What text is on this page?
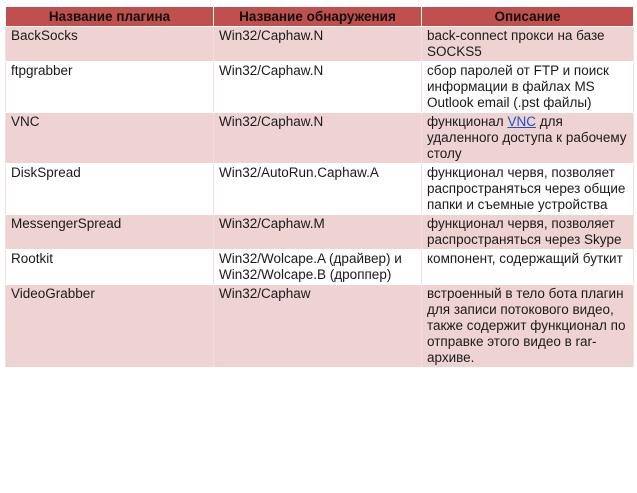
Название плагина	Название обнаружения	Описание
BackSocks	Win32/Caphaw.N	back-connect прокси на базе SOCKS5
ftpgrabber	Win32/Caphaw.N	сбор паролей от FTP и поиск информации в файлах MS Outlook email (.pst файлы)
VNC	Win32/Caphaw.N	функционал VNC для удаленного доступа к рабочему столу
DiskSpread	Win32/AutoRun.Caphaw.A	функционал червя, позволяет распространяться через общие папки и съемные устройства
MessengerSpread	Win32/Caphaw.M	функционал червя, позволяет распространяться через Skype
Rootkit	Win32/Wolcape.A (драйвер) и Win32/Wolcape.B (дроппер)	компонент, содержащий буткит
VideoGrabber	Win32/Caphaw	встроенный в тело бота плагин для записи потокового видео, также содержит функционал по отправке этого видео в rar-архиве.
